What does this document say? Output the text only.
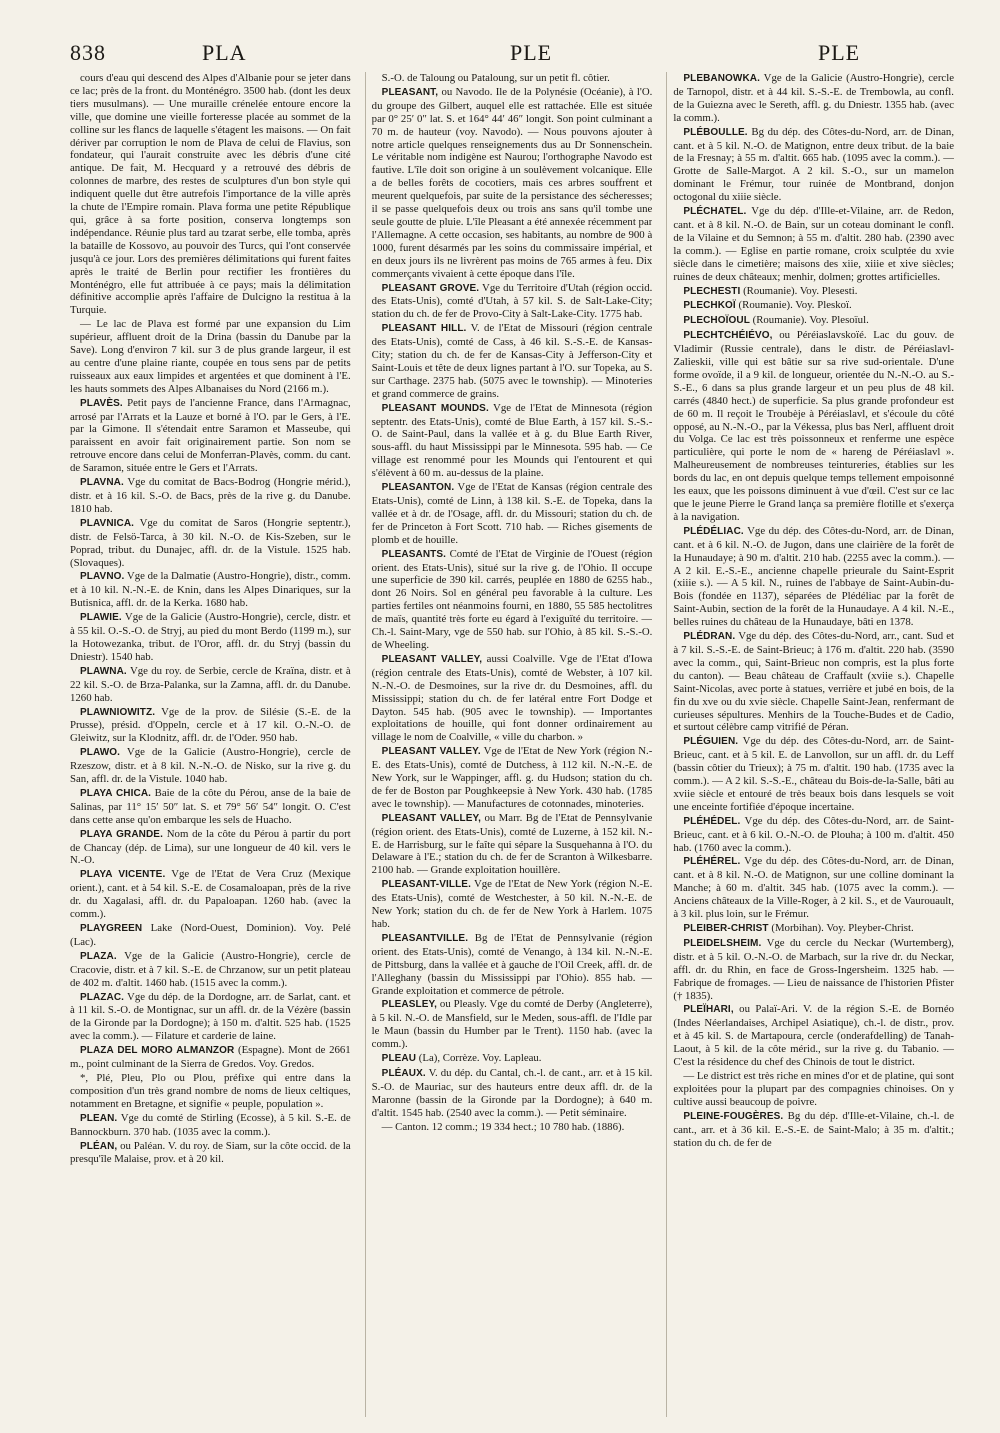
838	PLA	PLE	PLE

cours d'eau qui descend des Alpes d'Albanie pour se jeter dans ce lac; près de la front. du Monténégro. 3500 hab. (dont les deux tiers musulmans). — Une muraille crénelée entoure encore la ville, que domine une vieille forteresse placée au sommet de la colline sur les flancs de laquelle s'étagent les maisons. — On fait dériver par corruption le nom de Plava de celui de Flavius, son fondateur, qui l'aurait construite avec les débris d'une cité antique. De fait, M. Hecquard y a retrouvé des débris de colonnes de marbre, des restes de sculptures d'un bon style qui indiquent quelle dut être autrefois l'importance de la ville après la chute de l'Empire romain. Plava forma une petite République qui, grâce à sa forte position, conserva longtemps son indépendance. Réunie plus tard au tzarat serbe, elle tomba, après la bataille de Kossovo, au pouvoir des Turcs, qui l'ont conservée jusqu'à ce jour. Lors des premières délimitations qui furent faites après le traité de Berlin pour rectifier les frontières du Monténégro, elle fut attribuée à ce pays; mais la délimitation définitive accomplie après l'affaire de Dulcigno la restitua à la Turquie.

— Le lac de Plava est formé par une expansion du Lim supérieur, affluent droit de la Drina (bassin du Danube par la Save). Long d'environ 7 kil. sur 3 de plus grande largeur, il est au centre d'une plaine riante, coupée en tous sens par de petits ruisseaux aux eaux limpides et argentées et que dominent à l'E. les hauts sommets des Alpes Albanaises du Nord (2166 m.).

PLAVÈS. Petit pays de l'ancienne France, dans l'Armagnac, arrosé par l'Arrats et la Lauze et borné à l'O. par le Gers, à l'E. par la Gimone. Il s'étendait entre Saramon et Masseube, qui paraissent en avoir fait originairement partie. Son nom se retrouve encore dans celui de Monferran-Plavès, comm. du cant. de Saramon, située entre le Gers et l'Arrats.

PLAVNA. Vge du comitat de Bacs-Bodrog (Hongrie mérid.), distr. et à 16 kil. S.-O. de Bacs, près de la rive g. du Danube. 1810 hab.

PLAVNICA. Vge du comitat de Saros (Hongrie septentr.), distr. de Felsö-Tarca, à 30 kil. N.-O. de Kis-Szeben, sur le Poprad, tribut. du Dunajec, affl. dr. de la Vistule. 1525 hab. (Slovaques).

PLAVNO. Vge de la Dalmatie (Austro-Hongrie), distr., comm. et à 10 kil. N.-N.-E. de Knin, dans les Alpes Dinariques, sur la Butisnica, affl. dr. de la Kerka. 1680 hab.

PLAWIE. Vge de la Galicie (Austro-Hongrie), cercle, distr. et à 55 kil. O.-S.-O. de Stryj, au pied du mont Berdo (1199 m.), sur la Hotowezanka, tribut. de l'Oror, affl. dr. du Stryj (bassin du Dniestr). 1540 hab.

PLAWNA. Vge du roy. de Serbie, cercle de Kraïna, distr. et à 22 kil. S.-O. de Brza-Palanka, sur la Zamna, affl. dr. du Danube. 1260 hab.

PLAWNIOWITZ. Vge de la prov. de Silésie (S.-E. de la Prusse), présid. d'Oppeln, cercle et à 17 kil. O.-N.-O. de Gleiwitz, sur la Klodnitz, affl. dr. de l'Oder. 950 hab.

PLAWO. Vge de la Galicie (Austro-Hongrie), cercle de Rzeszow, distr. et à 8 kil. N.-N.-O. de Nisko, sur la rive g. du San, affl. dr. de la Vistule. 1040 hab.

PLAYA CHICA. Baie de la côte du Pérou, anse de la baie de Salinas, par 11° 15′ 50″ lat. S. et 79° 56′ 54″ longit. O. C'est dans cette anse qu'on embarque les sels de Huacho.

PLAYA GRANDE. Nom de la côte du Pérou à partir du port de Chancay (dép. de Lima), sur une longueur de 40 kil. vers le N.-O.

PLAYA VICENTE. Vge de l'Etat de Vera Cruz (Mexique orient.), cant. et à 54 kil. S.-E. de Cosamaloapan, près de la rive dr. du Xagalasi, affl. dr. du Papaloapan. 1260 hab. (avec la comm.).

PLAYGREEN Lake (Nord-Ouest, Dominion). Voy. Pelé (Lac).

PLAZA. Vge de la Galicie (Austro-Hongrie), cercle de Cracovie, distr. et à 7 kil. S.-E. de Chrzanow, sur un petit plateau de 402 m. d'altit. 1460 hab. (1515 avec la comm.).

PLAZAC. Vge du dép. de la Dordogne, arr. de Sarlat, cant. et à 11 kil. S.-O. de Montignac, sur un affl. dr. de la Vézère (bassin de la Gironde par la Dordogne); à 150 m. d'altit. 525 hab. (1525 avec la comm.). — Filature et carderie de laine.

PLAZA DEL MORO ALMANZOR (Espagne). Mont de 2661 m., point culminant de la Sierra de Gredos. Voy. Gredos.

*, Plé, Pleu, Plo ou Plou, préfixe qui entre dans la composition d'un très grand nombre de noms de lieux celtiques, notamment en Bretagne, et signifie « peuple, population ».

PLEAN. Vge du comté de Stirling (Ecosse), à 5 kil. S.-E. de Bannockburn. 370 hab. (1035 avec la comm.).

PLÉAN, ou Paléan. V. du roy. de Siam, sur la côte occid. de la presqu'île Malaise, prov. et à 20 kil.

S.-O. de Taloung ou Pataloung, sur un petit fl. côtier.

PLEASANT, ou Navodo. Ile de la Polynésie (Océanie), à l'O. du groupe des Gilbert, auquel elle est rattachée. Elle est située par 0° 25′ 0″ lat. S. et 164° 44′ 46″ longit. Son point culminant a 70 m. de hauteur (voy. Navodo). — Nous pouvons ajouter à notre article quelques renseignements dus au Dr Sonnenschein. Le véritable nom indigène est Naurou; l'orthographe Navodo est fautive. L'île doit son origine à un soulèvement volcanique. Elle a de belles forêts de cocotiers, mais ces arbres souffrent et meurent quelquefois, par suite de la persistance des sécheresses; il se passe quelquefois deux ou trois ans sans qu'il tombe une seule goutte de pluie. L'île Pleasant a été annexée récemment par l'Allemagne. A cette occasion, ses habitants, au nombre de 900 à 1000, furent désarmés par les soins du commissaire impérial, et en deux jours ils ne livrèrent pas moins de 765 armes à feu. Dix commerçants vivaient à cette époque dans l'île.

PLEASANT GROVE. Vge du Territoire d'Utah (région occid. des Etats-Unis), comté d'Utah, à 57 kil. S. de Salt-Lake-City; station du ch. de fer de Provo-City à Salt-Lake-City. 1775 hab.

PLEASANT HILL. V. de l'Etat de Missouri (région centrale des Etats-Unis), comté de Cass, à 46 kil. S.-S.-E. de Kansas-City; station du ch. de fer de Kansas-City à Jefferson-City et Saint-Louis et tête de deux lignes partant à l'O. sur Topeka, au S. sur Carthage. 2375 hab. (5075 avec le township). — Minoteries et grand commerce de grains.

PLEASANT MOUNDS. Vge de l'Etat de Minnesota (région septentr. des Etats-Unis), comté de Blue Earth, à 157 kil. S.-S.-O. de Saint-Paul, dans la vallée et à g. du Blue Earth River, sous-affl. du haut Mississippi par le Minnesota. 595 hab. — Ce village est renommé pour les Mounds qui l'entourent et qui s'élèvent à 60 m. au-dessus de la plaine.

PLEASANTON. Vge de l'Etat de Kansas (région centrale des Etats-Unis), comté de Linn, à 138 kil. S.-E. de Topeka, dans la vallée et à dr. de l'Osage, affl. dr. du Missouri; station du ch. de fer de Princeton à Fort Scott. 710 hab. — Riches gisements de plomb et de houille.

PLEASANTS. Comté de l'Etat de Virginie de l'Ouest (région orient. des Etats-Unis), situé sur la rive g. de l'Ohio. Il occupe une superficie de 390 kil. carrés, peuplée en 1880 de 6255 hab., dont 26 Noirs. Sol en général peu favorable à la culture. Les parties fertiles ont néanmoins fourni, en 1880, 55 585 hectolitres de maïs, quantité très forte eu égard à l'exiguïté du territoire. — Ch.-l. Saint-Mary, vge de 550 hab. sur l'Ohio, à 85 kil. S.-S.-O. de Wheeling.

PLEASANT VALLEY, aussi Coalville. Vge de l'Etat d'Iowa (région centrale des Etats-Unis), comté de Webster, à 107 kil. N.-N.-O. de Desmoines, sur la rive dr. du Desmoines, affl. du Mississippi; station du ch. de fer latéral entre Fort Dodge et Dayton. 545 hab. (905 avec le township). — Importantes exploitations de houille, qui font donner ordinairement au village le nom de Coalville, « ville du charbon. »

PLEASANT VALLEY. Vge de l'Etat de New York (région N.-E. des Etats-Unis), comté de Dutchess, à 112 kil. N.-N.-E. de New York, sur le Wappinger, affl. g. du Hudson; station du ch. de fer de Boston par Poughkeepsie à New York. 430 hab. (1785 avec le township). — Manufactures de cotonnades, minoteries.

PLEASANT VALLEY, ou Marr. Bg de l'Etat de Pennsylvanie (région orient. des Etats-Unis), comté de Luzerne, à 152 kil. N.-E. de Harrisburg, sur le faîte qui sépare la Susquehanna à l'O. du Delaware à l'E.; station du ch. de fer de Scranton à Wilkesbarre. 2100 hab. — Grande exploitation houillère.

PLEASANT-VILLE. Vge de l'Etat de New York (région N.-E. des Etats-Unis), comté de Westchester, à 50 kil. N.-N.-E. de New York; station du ch. de fer de New York à Harlem. 1075 hab.

PLEASANTVILLE. Bg de l'Etat de Pennsylvanie (région orient. des Etats-Unis), comté de Venango, à 134 kil. N.-N.-E. de Pittsburg, dans la vallée et à gauche de l'Oil Creek, affl. dr. de l'Alleghany (bassin du Mississippi par l'Ohio). 855 hab. — Grande exploitation et commerce de pétrole.

PLEASLEY, ou Pleasly. Vge du comté de Derby (Angleterre), à 5 kil. N.-O. de Mansfield, sur le Meden, sous-affl. de l'Idle par le Maun (bassin du Humber par le Trent). 1150 hab. (avec la comm.).

PLEAU (La), Corrèze. Voy. Lapleau.

PLÉAUX. V. du dép. du Cantal, ch.-l. de cant., arr. et à 15 kil. S.-O. de Mauriac, sur des hauteurs entre deux affl. dr. de la Maronne (bassin de la Gironde par la Dordogne); à 640 m. d'altit. 1545 hab. (2540 avec la comm.). — Petit séminaire.

— Canton. 12 comm.; 19 334 hect.; 10 780 hab. (1886).

PLEBANOWKA. Vge de la Galicie (Austro-Hongrie), cercle de Tarnopol, distr. et à 44 kil. S.-S.-E. de Trembowla, au confl. de la Guiezna avec le Sereth, affl. g. du Dniestr. 1355 hab. (avec la comm.).

PLÉBOULLE. Bg du dép. des Côtes-du-Nord, arr. de Dinan, cant. et à 5 kil. N.-O. de Matignon, entre deux tribut. de la baie de la Fresnay; à 55 m. d'altit. 665 hab. (1095 avec la comm.). — Grotte de Salle-Margot. A 2 kil. S.-O., sur un mamelon dominant le Frémur, tour ruinée de Montbrand, donjon octogonal du xiiie siècle.

PLÉCHATEL. Vge du dép. d'Ille-et-Vilaine, arr. de Redon, cant. et à 8 kil. N.-O. de Bain, sur un coteau dominant le confl. de la Vilaine et du Semnon; à 55 m. d'altit. 280 hab. (2390 avec la comm.). — Eglise en partie romane, croix sculptée du xvie siècle dans le cimetière; maisons des xiie, xiiie et xive siècles; ruines de deux châteaux; menhir, dolmen; grottes artificielles.

PLECHESTI (Roumanie). Voy. Plesesti.

PLECHKOÏ (Roumanie). Voy. Pleskoï.

PLECHOÏOUL (Roumanie). Voy. Plesoïul.

PLECHTCHÉIÉVO, ou Péréiaslavskoïé. Lac du gouv. de Vladimir (Russie centrale), dans le distr. de Péréiaslavl-Zalieskii, ville qui est bâtie sur sa rive sud-orientale. D'une forme ovoïde, il a 9 kil. de longueur, orientée du N.-N.-O. au S.-S.-E., 6 dans sa plus grande largeur et un peu plus de 48 kil. carrés (4840 hect.) de superficie. Sa plus grande profondeur est de 60 m. Il reçoit le Troubèje à Péréiaslavl, et s'écoule du côté opposé, au N.-N.-O., par la Vékessa, plus bas Nerl, affluent droit du Volga. Ce lac est très poissonneux et renferme une espèce particulière, qui porte le nom de « hareng de Péréiaslavl ». Malheureusement de nombreuses teintureries, établies sur les bords du lac, en ont depuis quelque temps tellement empoisonné les eaux, que les poissons diminuent à vue d'œil. C'est sur ce lac que le jeune Pierre le Grand lança sa première flotille et s'exerça à la navigation.

PLÉDÉLIAC. Vge du dép. des Côtes-du-Nord, arr. de Dinan, cant. et à 6 kil. N.-O. de Jugon, dans une clairière de la forêt de la Hunaudaye; à 90 m. d'altit. 210 hab. (2255 avec la comm.). — A 2 kil. E.-S.-E., ancienne chapelle prieurale du Saint-Esprit (xiiie s.). — A 5 kil. N., ruines de l'abbaye de Saint-Aubin-du-Bois (fondée en 1137), séparées de Plédéliac par la forêt de Saint-Aubin, section de la forêt de la Hunaudaye. A 4 kil. N.-E., belles ruines du château de la Hunaudaye, bâti en 1378.

PLÉDRAN. Vge du dép. des Côtes-du-Nord, arr., cant. Sud et à 7 kil. S.-S.-E. de Saint-Brieuc; à 176 m. d'altit. 220 hab. (3590 avec la comm., qui, Saint-Brieuc non compris, est la plus forte du canton). — Beau château de Craffault (xviie s.). Chapelle Saint-Nicolas, avec porte à statues, verrière et jubé en bois, de la fin du xve ou du xvie siècle. Chapelle Saint-Jean, renfermant de curieuses sépultures. Menhirs de la Touche-Budes et de Cadio, et surtout célèbre camp vitrifié de Péran.

PLÉGUIEN. Vge du dép. des Côtes-du-Nord, arr. de Saint-Brieuc, cant. et à 5 kil. E. de Lanvollon, sur un affl. dr. du Leff (bassin côtier du Trieux); à 75 m. d'altit. 190 hab. (1735 avec la comm.). — A 2 kil. S.-S.-E., château du Bois-de-la-Salle, bâti au xviie siècle et entouré de très beaux bois dans lesquels se voit une enceinte fortifiée d'époque incertaine.

PLÉHÉDEL. Vge du dép. des Côtes-du-Nord, arr. de Saint-Brieuc, cant. et à 6 kil. O.-N.-O. de Plouha; à 100 m. d'altit. 450 hab. (1760 avec la comm.).

PLÉHÉREL. Vge du dép. des Côtes-du-Nord, arr. de Dinan, cant. et à 8 kil. N.-O. de Matignon, sur une colline dominant la Manche; à 60 m. d'altit. 345 hab. (1075 avec la comm.). — Anciens châteaux de la Ville-Roger, à 2 kil. S., et de Vaurouault, à 3 kil. plus loin, sur le Frémur.

PLEIBER-CHRIST (Morbihan). Voy. Pleyber-Christ.

PLEIDELSHEIM. Vge du cercle du Neckar (Wurtemberg), distr. et à 5 kil. O.-N.-O. de Marbach, sur la rive dr. du Neckar, affl. dr. du Rhin, en face de Gross-Ingersheim. 1325 hab. — Fabrique de fromages. — Lieu de naissance de l'historien Pfister († 1835).

PLEÏHARI, ou Palaï-Ari. V. de la région S.-E. de Bornéo (Indes Néerlandaises, Archipel Asiatique), ch.-l. de distr., prov. et à 45 kil. S. de Martapoura, cercle (onderafdelling) de Tanah-Laout, à 5 kil. de la côte mérid., sur la rive g. du Tabanio. — C'est la résidence du chef des Chinois de tout le district.

— Le district est très riche en mines d'or et de platine, qui sont exploitées pour la plupart par des compagnies chinoises. On y cultive aussi beaucoup de poivre.

PLEINE-FOUGÈRES. Bg du dép. d'Ille-et-Vilaine, ch.-l. de cant., arr. et à 36 kil. E.-S.-E. de Saint-Malo; à 35 m. d'altit.; station du ch. de fer de
